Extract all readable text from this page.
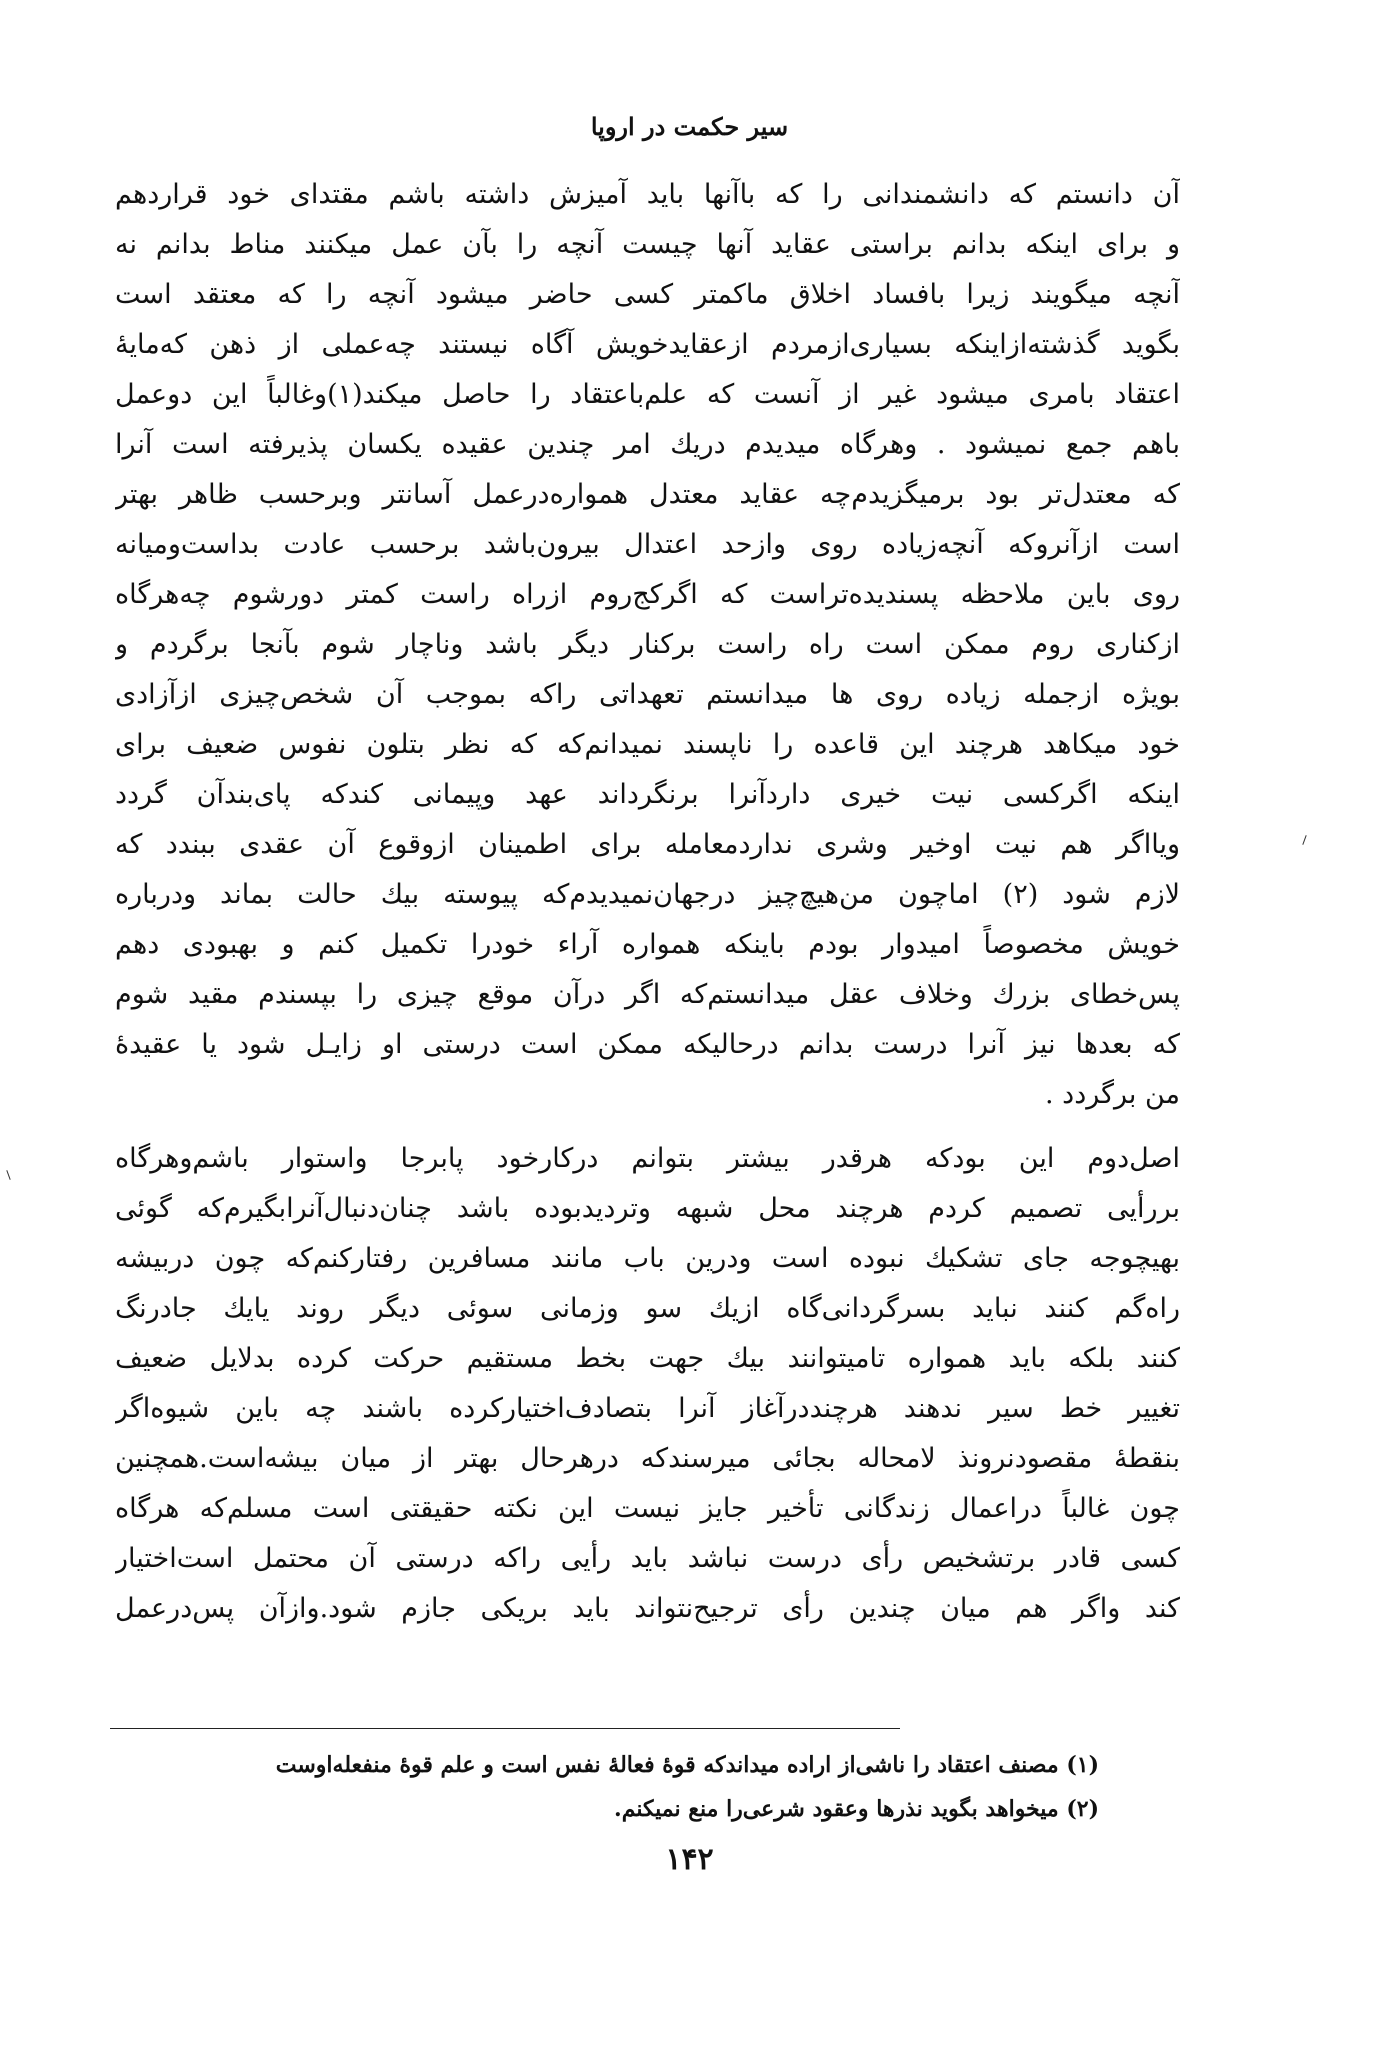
سیر حکمت در اروپا
آن دانستم که دانشمندانی را که باآنها باید آمیزش داشته باشم مقتدای خود قراردهم
و برای اینکه بدانم براستی عقاید آنها چیست آنچه را بآن عمل میکنند مناط بدانم نه
آنچه میگویند زیرا بافساد اخلاق ماکمتر کسی حاضر میشود آنچه را که معتقد است
بگوید گذشته‌ازاینکه بسیاری‌ازمردم ازعقایدخویش آگاه نیستند چه‌عملی از ذهن که‌مایهٔ
اعتقاد بامری میشود غیر از آنست که علم‌باعتقاد را حاصل میکند(۱)وغالباً این دوعمل
باهم جمع نمیشود . وهرگاه میدیدم دریك امر چندین عقیده یکسان پذیرفته است آنرا
که معتدل‌تر بود برمیگزیدم‌چه عقاید معتدل همواره‌درعمل آسانتر وبرحسب ظاهر بهتر
است ازآنروکه آنچه‌زیاده روی وازحد اعتدال بیرون‌باشد برحسب عادت بداست‌ومیانه
روی باین ملاحظه پسندیده‌تراست که اگرکج‌روم ازراه راست کمتر دورشوم چه‌هرگاه
ازکناری روم ممکن است راه راست برکنار دیگر باشد وناچار شوم بآنجا برگردم و
بویژه ازجمله زیاده روی ها میدانستم تعهداتی راکه بموجب آن شخص‌چیزی ازآزادی
خود میکاهد هرچند این قاعده را ناپسند نمیدانم‌که که نظر بتلون نفوس ضعیف برای
اینکه اگرکسی نیت خیری داردآنرا برنگرداند عهد وپیمانی کندکه پای‌بندآن گردد
ویااگر هم نیت اوخیر وشری نداردمعامله برای اطمینان ازوقوع آن عقدی ببندد که
لازم شود (۲) اماچون من‌هیچ‌چیز درجهان‌نمیدیدم‌که پیوسته بیك حالت بماند ودرباره
خویش مخصوصاً امیدوار بودم باینکه همواره آراء خودرا تکمیل کنم و بهبودی دهم
پس‌خطای بزرك وخلاف عقل میدانستم‌که اگر درآن موقع چیزی را بپسندم مقید شوم
که بعدها نیز آنرا درست بدانم درحالیکه ممکن است درستی او زایـل شود یا عقیدهٔ
من برگردد .
اصل‌دوم این بودکه هرقدر بیشتر بتوانم درکارخود پابرجا واستوار باشم‌وهرگاه
بررأیی تصمیم کردم هرچند محل شبهه وتردیدبوده باشد چنان‌دنبال‌آنرابگیرم‌که گوئی
بهیچوجه جای تشکیك نبوده است ودرین باب مانند مسافرین رفتارکنم‌که چون دربیشه
راه‌گم کنند نباید بسرگردانی‌گاه ازیك سو وزمانی سوئی دیگر روند یایك جادرنگ
کنند بلکه باید همواره تامیتوانند بیك جهت بخط مستقیم حرکت کرده بدلایل ضعیف
تغییر خط سیر ندهند هرچنددرآغاز آنرا بتصادف‌اختیارکرده باشند چه باین شیوه‌اگر
بنقطهٔ مقصودنرونذ لامحاله بجائی میرسندکه درهرحال بهتر از میان بیشه‌است.همچنین
چون غالباً دراعمال زندگانی تأخیر جایز نیست این نکته حقیقتی است مسلم‌که هرگاه
کسی قادر برتشخیص رأی درست نباشد باید رأیی راکه درستی آن محتمل است‌اختیار
کند واگر هم میان چندین رأی ترجیح‌نتواند باید بریکی جازم شود.وازآن پس‌درعمل
(۱) مصنف اعتقاد را ناشی‌از اراده میداندکه قوهٔ فعالهٔ نفس است و علم قوهٔ منفعله‌اوست
(۲) میخواهد بگوید نذرها وعقود شرعی‌را منع نمیکنم.
۱۴۲
